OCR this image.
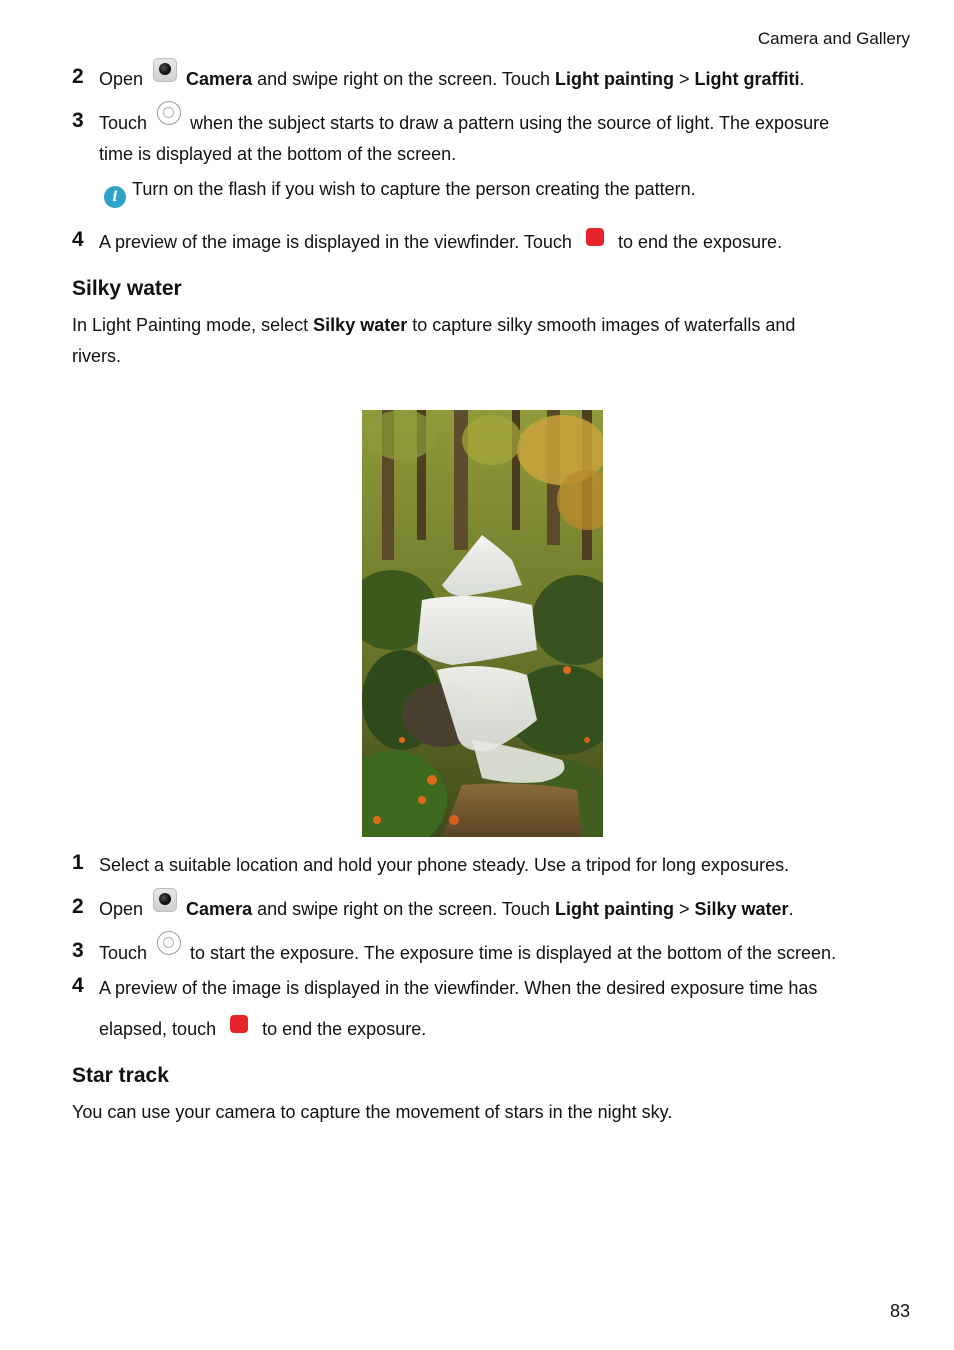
Camera and Gallery
2 Open Camera and swipe right on the screen. Touch Light painting > Light graffiti.
3 Touch when the subject starts to draw a pattern using the source of light. The exposure
time is displayed at the bottom of the screen.
i Turn on the flash if you wish to capture the person creating the pattern.
4 A preview of the image is displayed in the viewfinder. Touch	to end the exposure.
Silky water
In Light Painting mode, select Silky water to capture silky smooth images of waterfalls and
rivers.
1 Select a suitable location and hold your phone steady. Use a tripod for long exposures.
2 Open Camera and swipe right on the screen. Touch Light painting > Silky water.
3 Touch to start the exposure. The exposure time is displayed at the bottom of the screen.
4 A preview of the image is displayed in the viewfinder. When the desired exposure time has
elapsed, touch	to end the exposure.
Star track
You can use your camera to capture the movement of stars in the night sky.
83
